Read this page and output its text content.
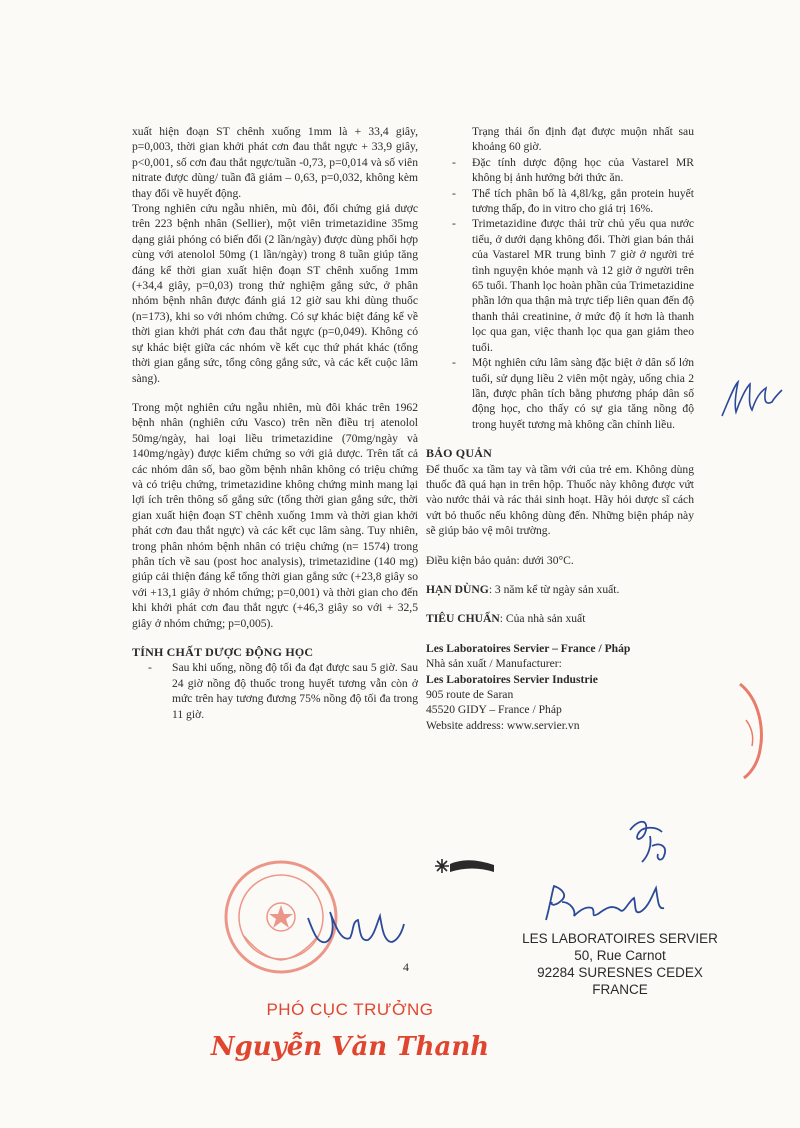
xuất hiện đoạn ST chênh xuống 1mm là + 33,4 giây, p=0,003, thời gian khởi phát cơn đau thắt ngực + 33,9 giây, p<0,001, số cơn đau thắt ngực/tuần -0,73, p=0,014 và số viên nitrate được dùng/ tuần đã giảm – 0,63, p=0,032, không kèm thay đổi về huyết động.

Trong nghiên cứu ngẫu nhiên, mù đôi, đối chứng giả dược trên 223 bệnh nhân (Sellier), một viên trimetazidine 35mg dạng giải phóng có biến đổi (2 lần/ngày) được dùng phối hợp cùng với atenolol 50mg (1 lần/ngày) trong 8 tuần giúp tăng đáng kể thời gian xuất hiện đoạn ST chênh xuống 1mm (+34,4 giây, p=0,03) trong thử nghiệm gắng sức, ở phân nhóm bệnh nhân được đánh giá 12 giờ sau khi dùng thuốc (n=173), khi so với nhóm chứng. Có sự khác biệt đáng kể về thời gian khởi phát cơn đau thắt ngực (p=0,049). Không có sự khác biệt giữa các nhóm về kết cục thứ phát khác (tổng thời gian gắng sức, tổng công gắng sức, và các kết cuộc lâm sàng).

Trong một nghiên cứu ngẫu nhiên, mù đôi khác trên 1962 bệnh nhân (nghiên cứu Vasco) trên nền điều trị atenolol 50mg/ngày, hai loại liều trimetazidine (70mg/ngày và 140mg/ngày) được kiểm chứng so với giả dược. Trên tất cả các nhóm dân số, bao gồm bệnh nhân không có triệu chứng và có triệu chứng, trimetazidine không chứng minh mang lại lợi ích trên thông số gắng sức (tổng thời gian gắng sức, thời gian xuất hiện đoạn ST chênh xuống 1mm và thời gian khởi phát cơn đau thắt ngực) và các kết cục lâm sàng. Tuy nhiên, trong phân nhóm bệnh nhân có triệu chứng (n= 1574) trong phân tích về sau (post hoc analysis), trimetazidine (140 mg) giúp cải thiện đáng kể tổng thời gian gắng sức (+23,8 giây so với +13,1 giây ở nhóm chứng; p=0,001) và thời gian cho đến khi khởi phát cơn đau thắt ngực (+46,3 giây so với + 32,5 giây ở nhóm chứng; p=0,005).

TÍNH CHẤT DƯỢC ĐỘNG HỌC
- Sau khi uống, nồng độ tối đa đạt được sau 5 giờ. Sau 24 giờ nồng độ thuốc trong huyết tương vẫn còn ở mức trên hay tương đương 75% nồng độ tối đa trong 11 giờ.
Trạng thái ổn định đạt được muộn nhất sau khoảng 60 giờ.
- Đặc tính dược động học của Vastarel MR không bị ảnh hưởng bởi thức ăn.
- Thể tích phân bố là 4,8l/kg, gắn protein huyết tương thấp, đo in vitro cho giá trị 16%.
- Trimetazidine được thải trừ chủ yếu qua nước tiểu, ở dưới dạng không đổi. Thời gian bán thải của Vastarel MR trung bình 7 giờ ở người trẻ tình nguyện khỏe mạnh và 12 giờ ở người trên 65 tuổi. Thanh lọc hoàn phần của Trimetazidine phần lớn qua thận mà trực tiếp liên quan đến độ thanh thải creatinine, ở mức độ ít hơn là thanh lọc qua gan, việc thanh lọc qua gan giảm theo tuổi.
- Một nghiên cứu lâm sàng đặc biệt ở dân số lớn tuổi, sử dụng liều 2 viên một ngày, uống chia 2 lần, được phân tích bằng phương pháp dân số động học, cho thấy có sự gia tăng nồng độ trong huyết tương mà không cần chỉnh liều.
BẢO QUẢN

Để thuốc xa tầm tay và tầm với của trẻ em. Không dùng thuốc đã quá hạn in trên hộp. Thuốc này không được vứt vào nước thải và rác thải sinh hoạt. Hãy hỏi dược sĩ cách vứt bỏ thuốc nếu không dùng đến. Những biện pháp này sẽ giúp bảo vệ môi trường.

Điều kiện bảo quản: dưới 30°C.

HẠN DÙNG: 3 năm kể từ ngày sản xuất.

TIÊU CHUẨN: Của nhà sản xuất

Les Laboratoires Servier – France / Pháp

Nhà sản xuất / Manufacturer:

Les Laboratoires Servier Industrie

905 route de Saran

45520 GIDY – France / Pháp

Website address: www.servier.vn

4
LES LABORATOIRES SERVIER
50, Rue Carnot
92284 SURESNES CEDEX
FRANCE
PHÓ CỤC TRƯỞNG
Nguyễn Văn Thanh
